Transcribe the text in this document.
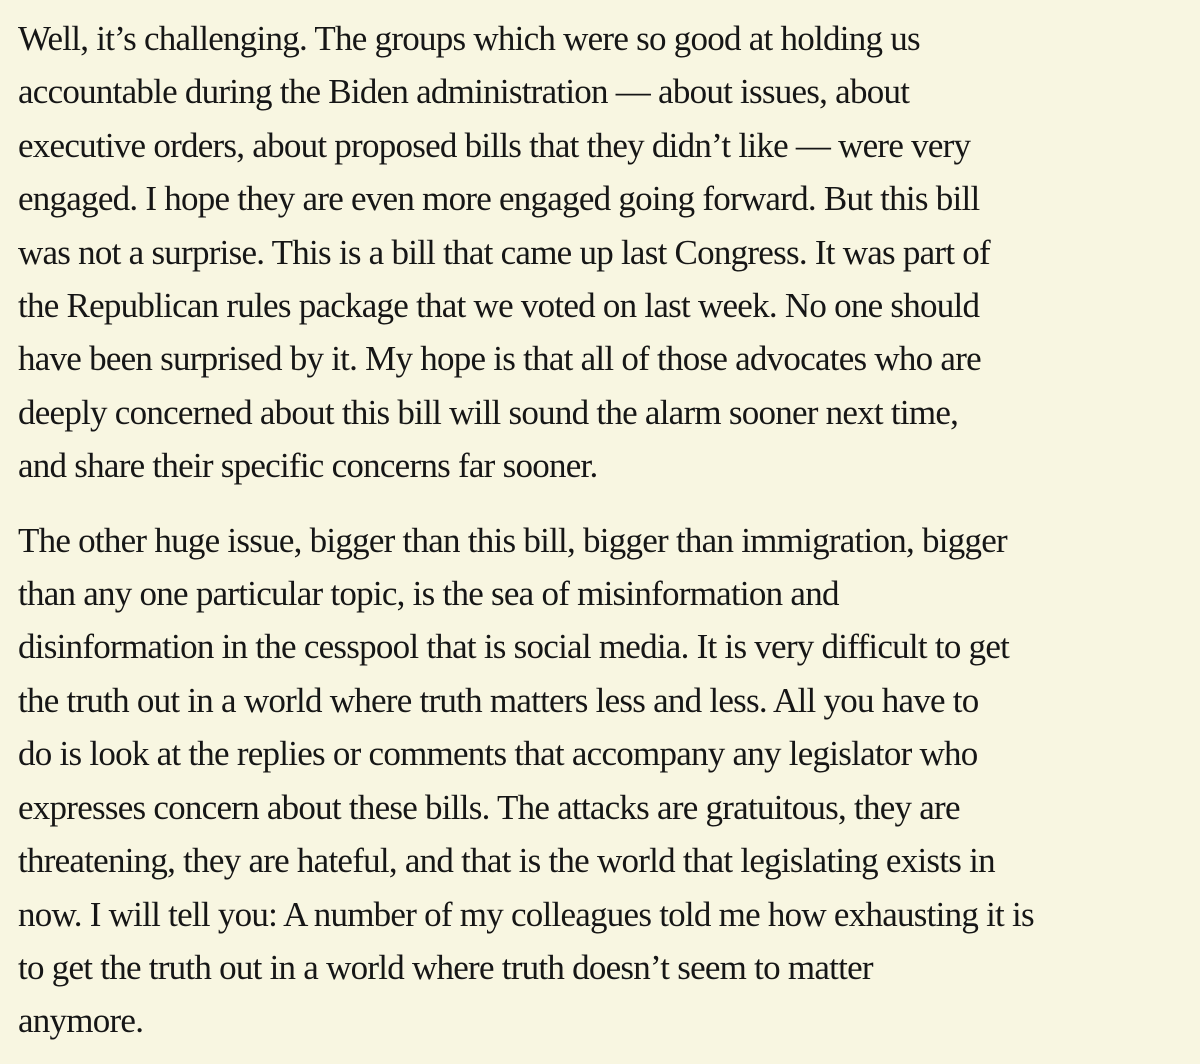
Well, it’s challenging. The groups which were so good at holding us
accountable during the Biden administration — about issues, about
executive orders, about proposed bills that they didn’t like — were very
engaged. I hope they are even more engaged going forward. But this bill
was not a surprise. This is a bill that came up last Congress. It was part of
the Republican rules package that we voted on last week. No one should
have been surprised by it. My hope is that all of those advocates who are
deeply concerned about this bill will sound the alarm sooner next time,
and share their specific concerns far sooner.

The other huge issue, bigger than this bill, bigger than immigration, bigger
than any one particular topic, is the sea of misinformation and
disinformation in the cesspool that is social media. It is very difficult to get
the truth out in a world where truth matters less and less. All you have to
do is look at the replies or comments that accompany any legislator who
expresses concern about these bills. The attacks are gratuitous, they are
threatening, they are hateful, and that is the world that legislating exists in
now. I will tell you: A number of my colleagues told me how exhausting it is
to get the truth out in a world where truth doesn’t seem to matter
anymore.
